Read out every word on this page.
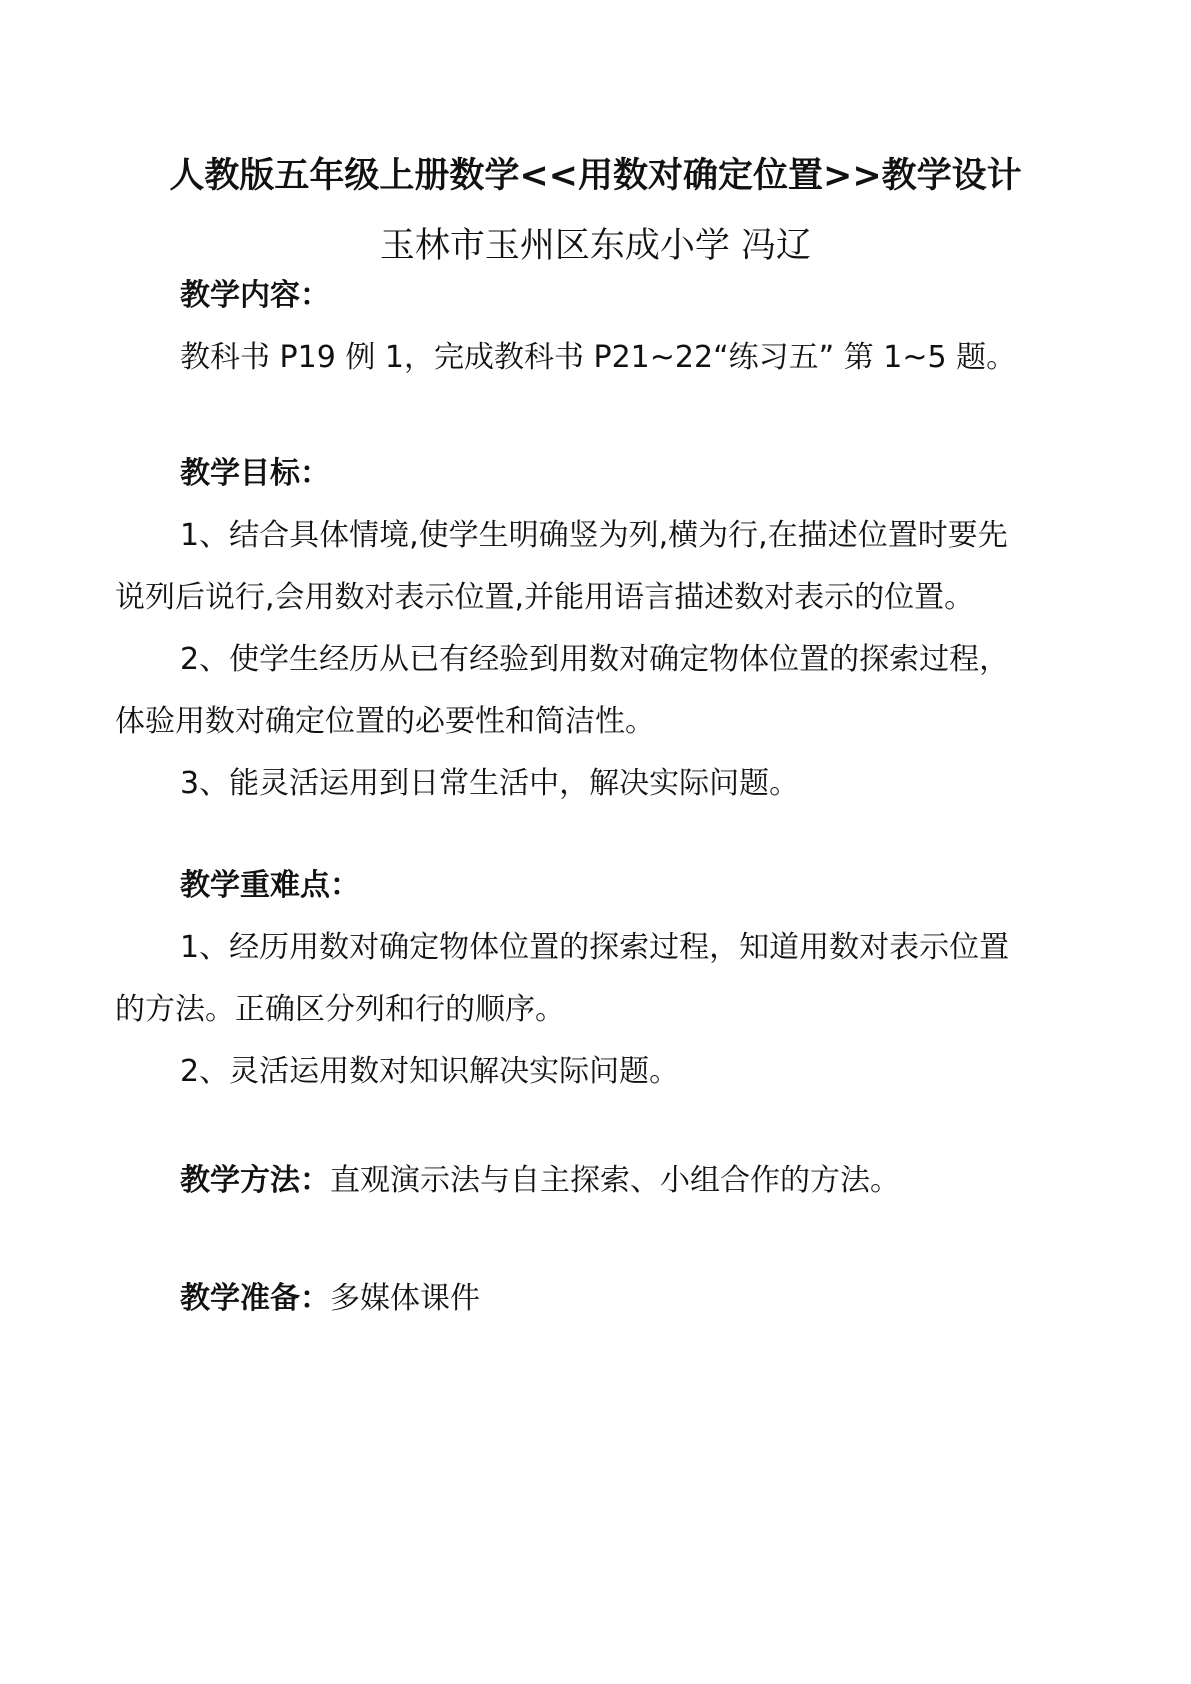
人教版五年级上册数学<<用数对确定位置>>教学设计
玉林市玉州区东成小学 冯辽
教学内容：
教科书 P19 例 1，完成教科书 P21~22“练习五” 第 1~5 题。
教学目标：
1、结合具体情境,使学生明确竖为列,横为行,在描述位置时要先
说列后说行,会用数对表示位置,并能用语言描述数对表示的位置。
2、使学生经历从已有经验到用数对确定物体位置的探索过程，
体验用数对确定位置的必要性和简洁性。
3、能灵活运用到日常生活中，解决实际问题。
教学重难点：
1、经历用数对确定物体位置的探索过程，知道用数对表示位置
的方法。正确区分列和行的顺序。
2、灵活运用数对知识解决实际问题。
教学方法：直观演示法与自主探索、小组合作的方法。
教学准备：多媒体课件
